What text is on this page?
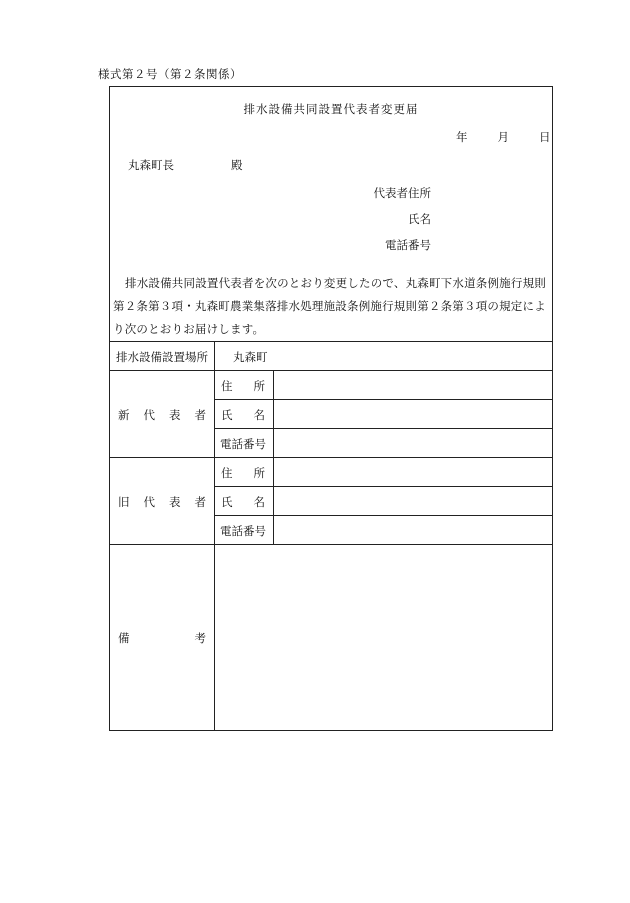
様式第２号（第２条関係）
排水設備共同設置代表者変更届
年	月	日
丸森町長	殿
代表者住所
氏名
電話番号
排水設備共同設置代表者を次のとおり変更したので、丸森町下水道条例施行規則第２条第３項・丸森町農業集落排水処理施設条例施行規則第２条第３項の規定により次のとおりお届けします。
排水設備設置場所 丸森町
新 代 表 者
住 所
氏 名
電話番号
旧 代 表 者
住 所
氏 名
電話番号
備	考
